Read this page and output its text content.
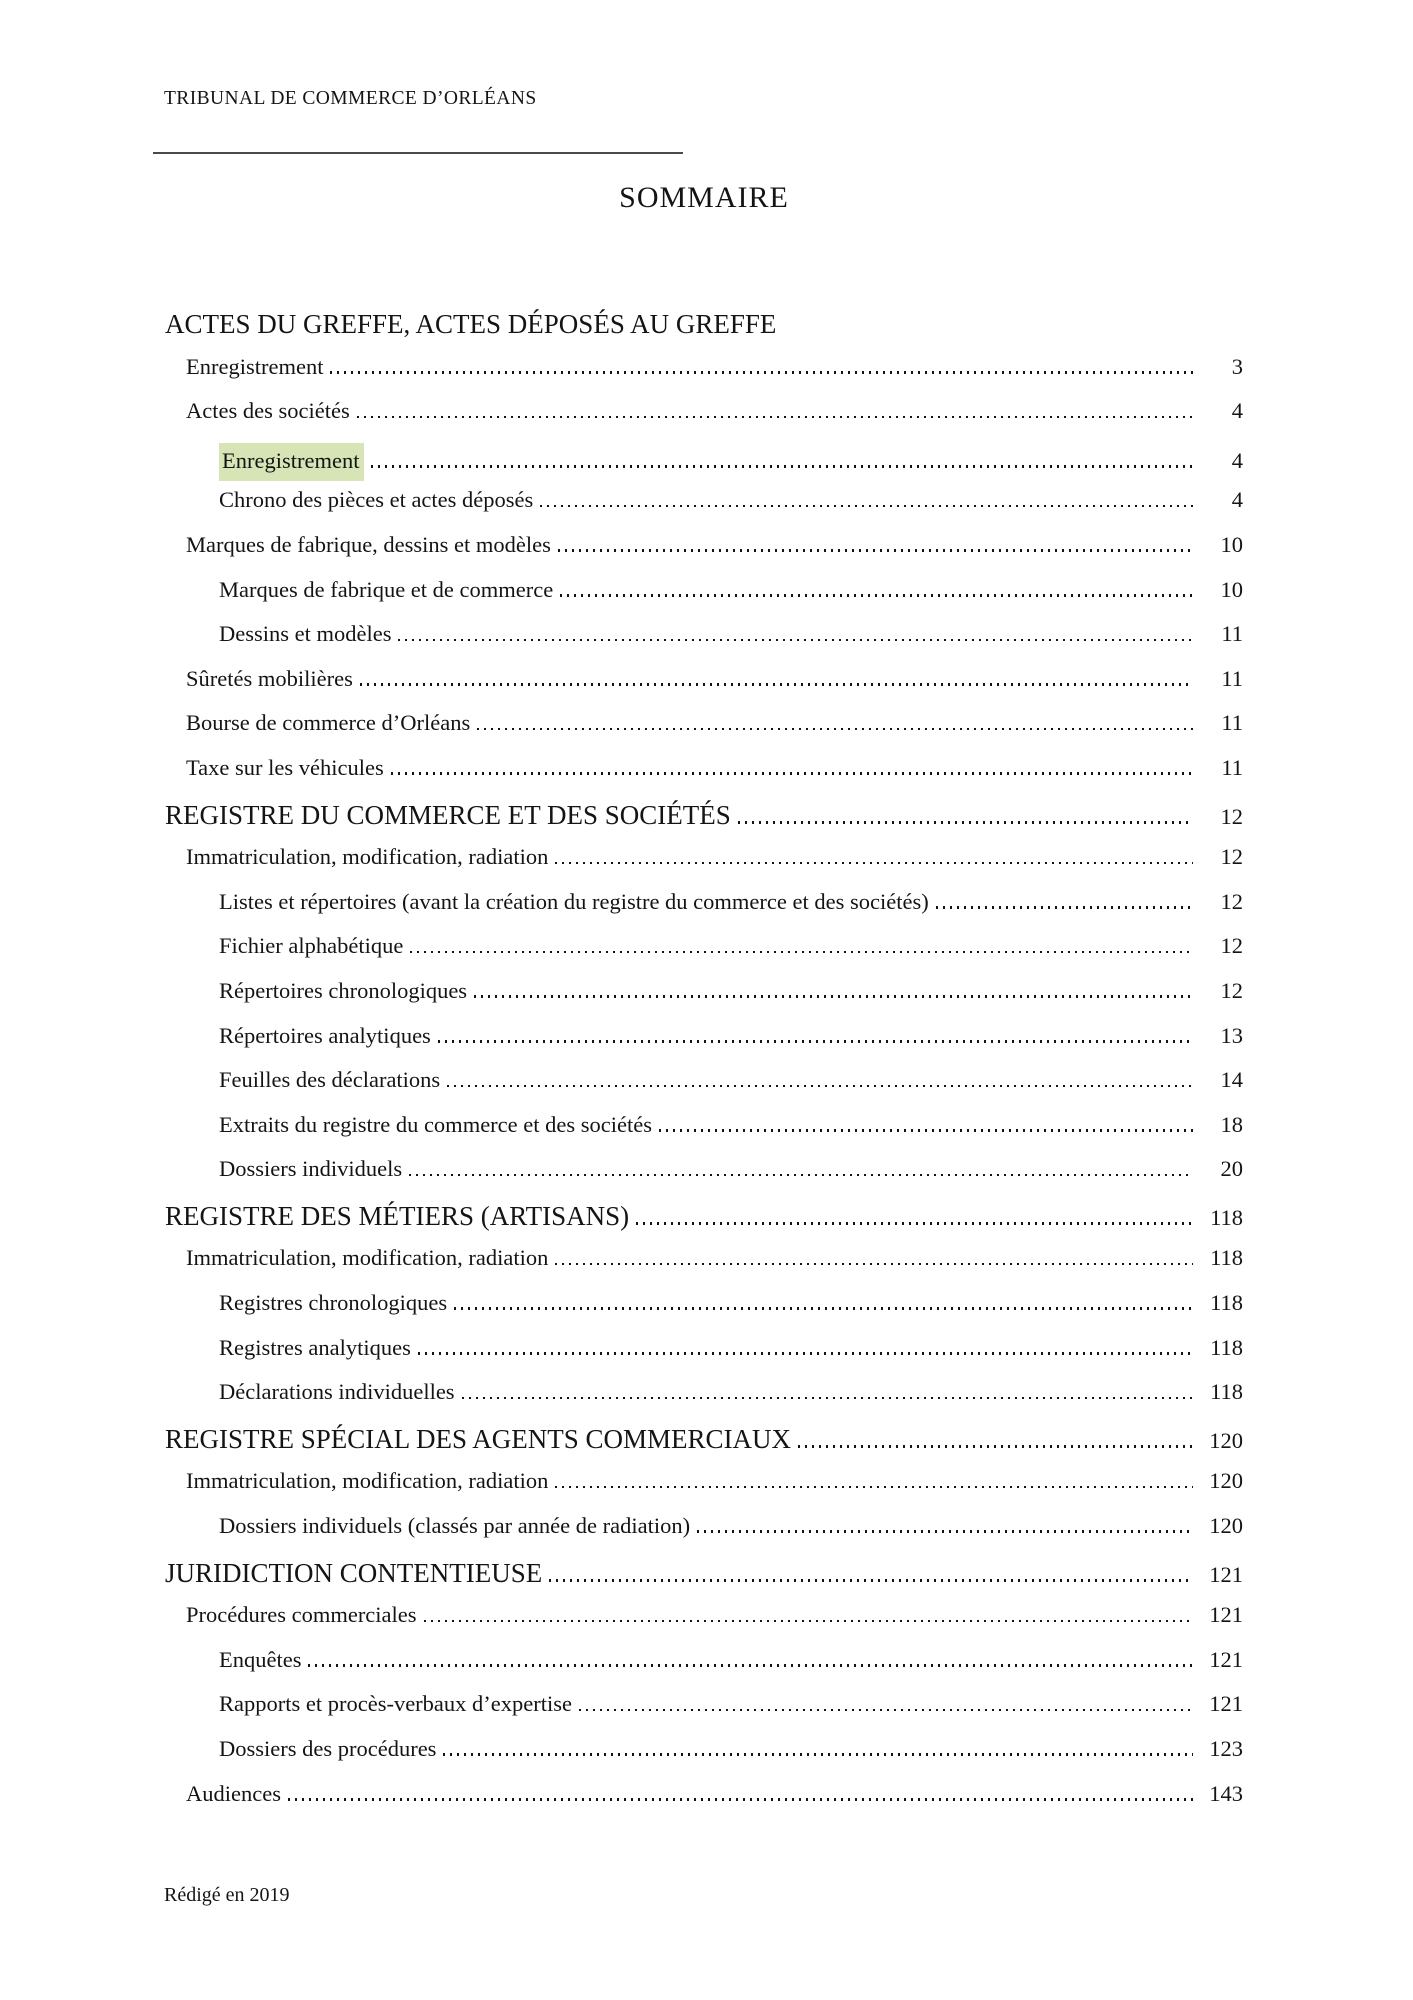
TRIBUNAL DE COMMERCE D’ORLÉANS
SOMMAIRE
ACTES DU GREFFE, ACTES DÉPOSÉS AU GREFFE
Enregistrement	3
Actes des sociétés	4
Enregistrement	4
Chrono des pièces et actes déposés	4
Marques de fabrique, dessins et modèles	10
Marques de fabrique et de commerce	10
Dessins et modèles	11
Sûretés mobilières	11
Bourse de commerce d’Orléans	11
Taxe sur les véhicules	11
REGISTRE DU COMMERCE ET DES SOCIÉTÉS	12
Immatriculation, modification, radiation	12
Listes et répertoires (avant la création du registre du commerce et des sociétés)	12
Fichier alphabétique	12
Répertoires chronologiques	12
Répertoires analytiques	13
Feuilles des déclarations	14
Extraits du registre du commerce et des sociétés	18
Dossiers individuels	20
REGISTRE DES MÉTIERS (ARTISANS)	118
Immatriculation, modification, radiation	118
Registres chronologiques	118
Registres analytiques	118
Déclarations individuelles	118
REGISTRE SPÉCIAL DES AGENTS COMMERCIAUX	120
Immatriculation, modification, radiation	120
Dossiers individuels (classés par année de radiation)	120
JURIDICTION CONTENTIEUSE	121
Procédures commerciales	121
Enquêtes	121
Rapports et procès-verbaux d’expertise	121
Dossiers des procédures	123
Audiences	143
Rédigé en 2019
